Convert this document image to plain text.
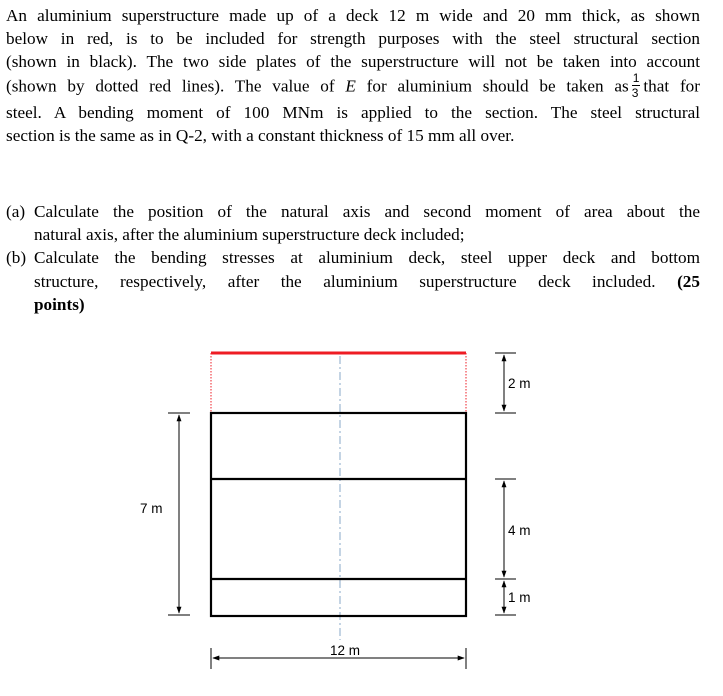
An aluminium superstructure made up of a deck 12 m wide and 20 mm thick, as shown
below in red, is to be included for strength purposes with the steel structural section
(shown in black). The two side plates of the superstructure will not be taken into account
(shown by dotted red lines). The value of E for aluminium should be taken as $\frac{1}{3}$ that for
steel. A bending moment of 100 MNm is applied to the section. The steel structural
section is the same as in Q-2, with a constant thickness of 15 mm all over.
(a) Calculate the position of the natural axis and second moment of area about the
natural axis, after the aluminium superstructure deck included;
(b) Calculate the bending stresses at aluminium deck, steel upper deck and bottom
structure, respectively, after the aluminium superstructure deck included. (25
points)
7 m
2 m
4 m
1 m
12 m
